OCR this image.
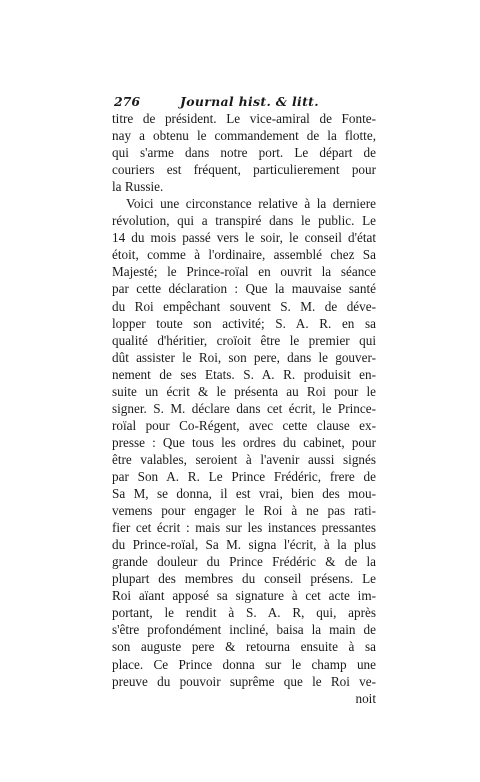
276	Journal hist. & litt.
titre de président. Le vice-amiral de Fonte-
nay a obtenu le commandement de la flotte,
qui s'arme dans notre port. Le départ de
couriers est fréquent, particulierement pour
la Russie.
Voici une circonstance relative à la derniere
révolution, qui a transpiré dans le public. Le
14 du mois passé vers le soir, le conseil d'état
étoit, comme à l'ordinaire, assemblé chez Sa
Majesté; le Prince-roïal en ouvrit la séance
par cette déclaration : Que la mauvaise santé
du Roi empêchant souvent S. M. de déve-
lopper toute son activité; S. A. R. en sa
qualité d'héritier, croïoit être le premier qui
dût assister le Roi, son pere, dans le gouver-
nement de ses Etats. S. A. R. produisit en-
suite un écrit & le présenta au Roi pour le
signer. S. M. déclare dans cet écrit, le Prince-
roïal pour Co-Régent, avec cette clause ex-
presse : Que tous les ordres du cabinet, pour
être valables, seroient à l'avenir aussi signés
par Son A. R. Le Prince Frédéric, frere de
Sa M, se donna, il est vrai, bien des mou-
vemens pour engager le Roi à ne pas rati-
fier cet écrit : mais sur les instances pressantes
du Prince-roïal, Sa M. signa l'écrit, à la plus
grande douleur du Prince Frédéric & de la
plupart des membres du conseil présens. Le
Roi aïant apposé sa signature à cet acte im-
portant, le rendit à S. A. R, qui, après
s'être profondément incliné, baisa la main de
son auguste pere & retourna ensuite à sa
place. Ce Prince donna sur le champ une
preuve du pouvoir suprême que le Roi ve-
noit
